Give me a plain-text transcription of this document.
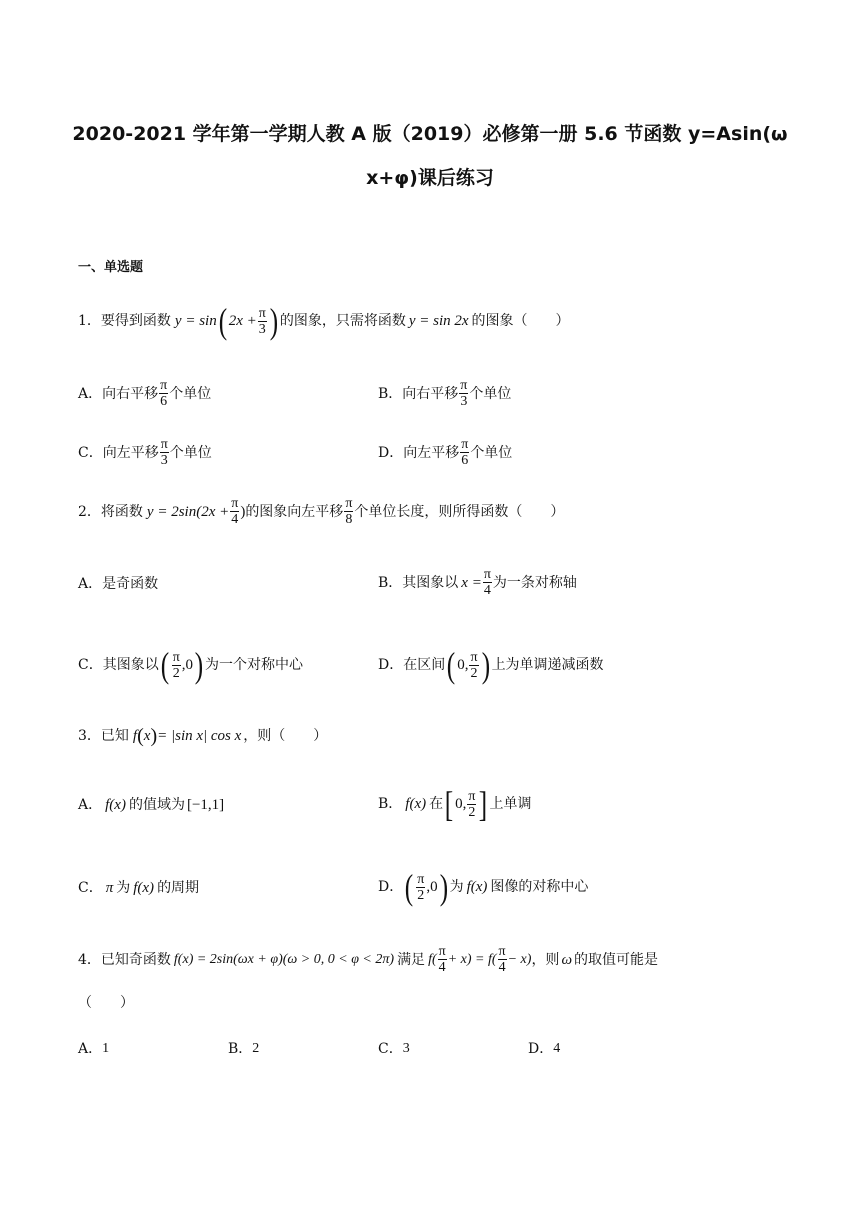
2020-2021 学年第一学期人教 A 版（2019）必修第一册 5.6 节函数 y=Asin(ω
x+φ)课后练习
一、单选题
1． 要得到函数 y = sin ( $2x + \frac{\pi}{3}$ ) 的图象，只需将函数 y = sin 2x 的图象（　　）
A． 向右平移 $\frac{\pi}{6}$ 个单位	B． 向右平移 $\frac{\pi}{3}$ 个单位
C． 向左平移 $\frac{\pi}{3}$ 个单位	D． 向左平移 $\frac{\pi}{6}$ 个单位
2． 将函数 $y = 2\sin(2x + \frac{\pi}{4}$ ) 的图象向左平移 $\frac{\pi}{8}$ 个单位长度，则所得函数（　　）
A． 是奇函数	B． 其图象以 $x = \frac{\pi}{4}$ 为一条对称轴
C． 其图象以 ( $\frac{\pi}{2} ,0$ ) 为一个对称中心	D． 在区间 ( 0, $\frac{\pi}{2}$ ) 上为单调递减函数
3． 已知 f ( x ) = |sin x| cos x ，则（　　）
A． f(x) 的值域为 [−1,1]	B． f(x) 在 [ 0, $\frac{\pi}{2}$ ] 上单调
C． π 为 f(x) 的周期	D． ( $\frac{\pi}{2} ,0$ ) 为 f(x) 图像的对称中心
4． 已知奇函数 f(x) = 2sin(ωx + φ)(ω > 0, 0 < φ < 2π) 满足 $f( \frac{\pi}{4} + x) = f( \frac{\pi}{4} - x)$ ，则 ω 的取值可能是
（　　）
A． 1	B． 2	C． 3	D． 4
